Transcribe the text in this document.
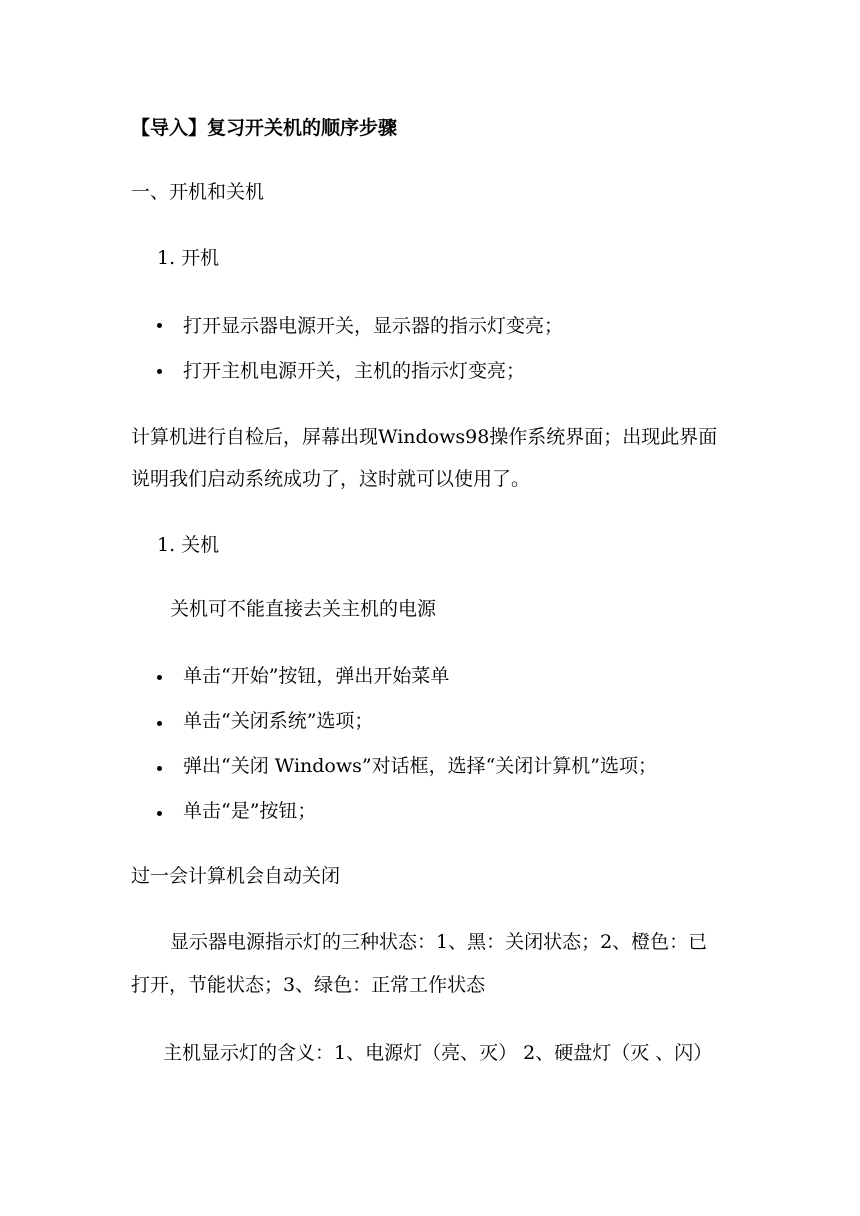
【导入】复习开关机的顺序步骤
一、开机和关机
1. 开机
打开显示器电源开关，显示器的指示灯变亮；
打开主机电源开关，主机的指示灯变亮；
计算机进行自检后，屏幕出现Windows98操作系统界面；出现此界面
说明我们启动系统成功了，这时就可以使用了。
1. 关机
关机可不能直接去关主机的电源
单击“开始”按钮，弹出开始菜单
单击“关闭系统”选项；
弹出“关闭 Windows”对话框，选择“关闭计算机”选项；
单击“是”按钮；
过一会计算机会自动关闭
显示器电源指示灯的三种状态：1、黑：关闭状态；2、橙色：已
打开，节能状态；3、绿色：正常工作状态
主机显示灯的含义：1、电源灯（亮、灭） 2、硬盘灯（灭 、闪）
